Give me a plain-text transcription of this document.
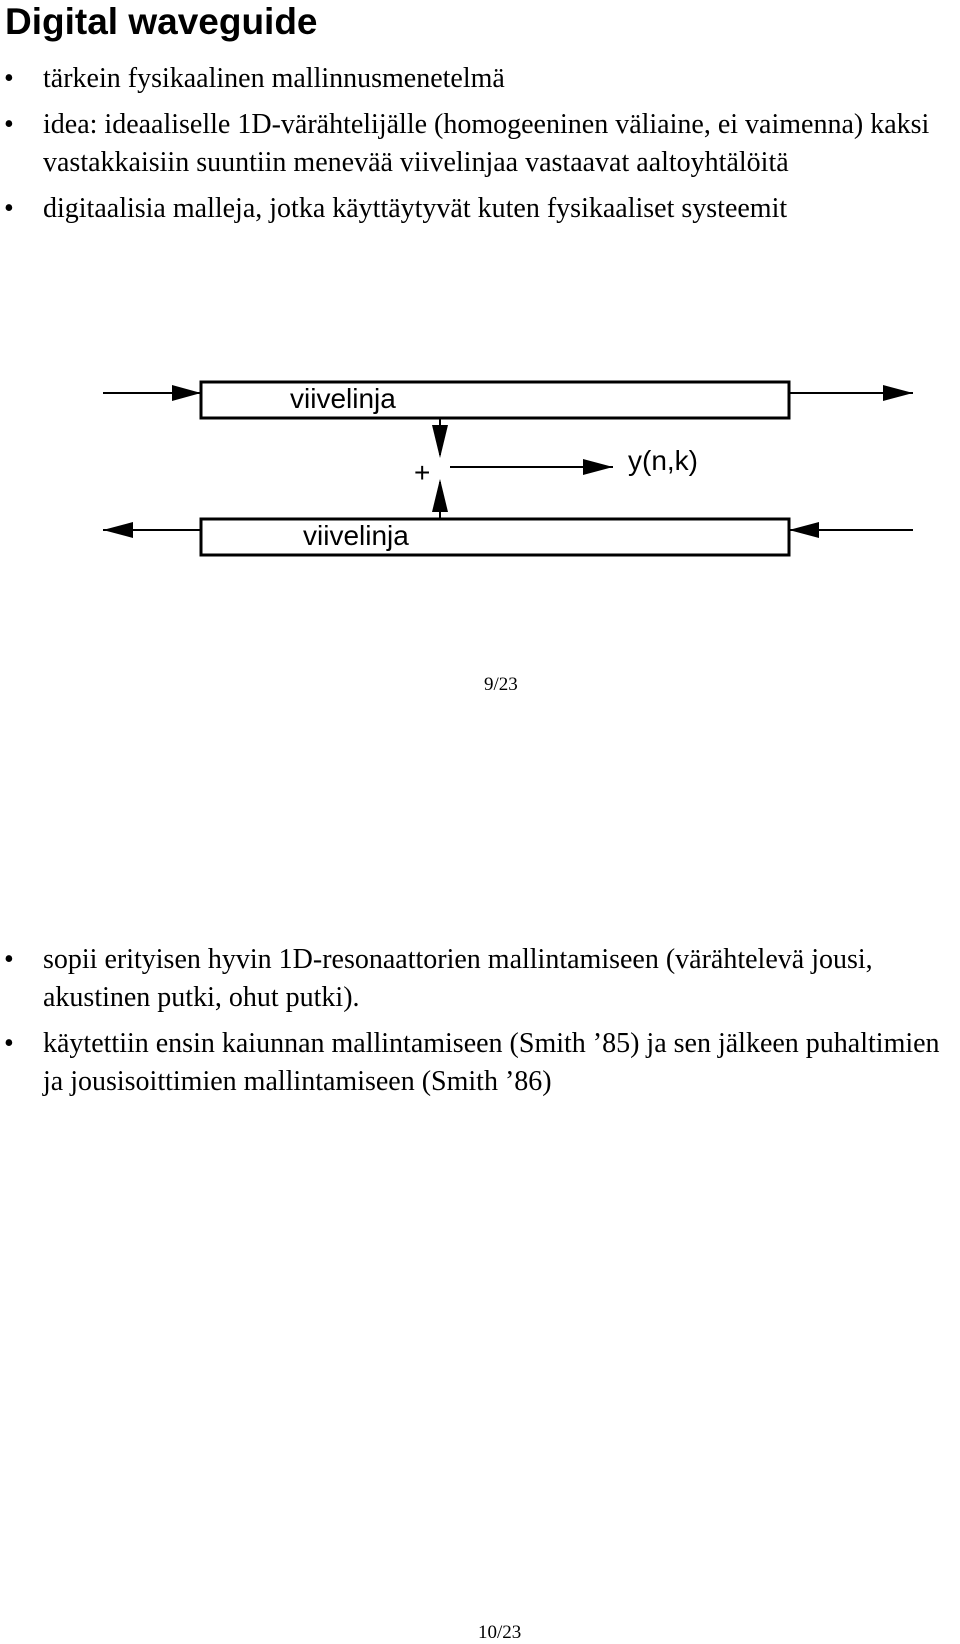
Digital waveguide
• tärkein fysikaalinen mallinnusmenetelmä
• idea: ideaaliselle 1D-värähtelijälle (homogeeninen väliaine, ei vaimenna) kaksi vastakkaisiin suuntiin menevää viivelinjaa vastaavat aaltoyhtälöitä
• digitaalisia malleja, jotka käyttäytyvät kuten fysikaaliset systeemit
viivelinja
+	y(n,k)
viivelinja
9/23
• sopii erityisen hyvin 1D-resonaattorien mallintamiseen (värähtelevä jousi, akustinen putki, ohut putki).
• käytettiin ensin kaiunnan mallintamiseen (Smith ’85) ja sen jälkeen puhaltimien ja jousisoittimien mallintamiseen (Smith ’86)
10/23
